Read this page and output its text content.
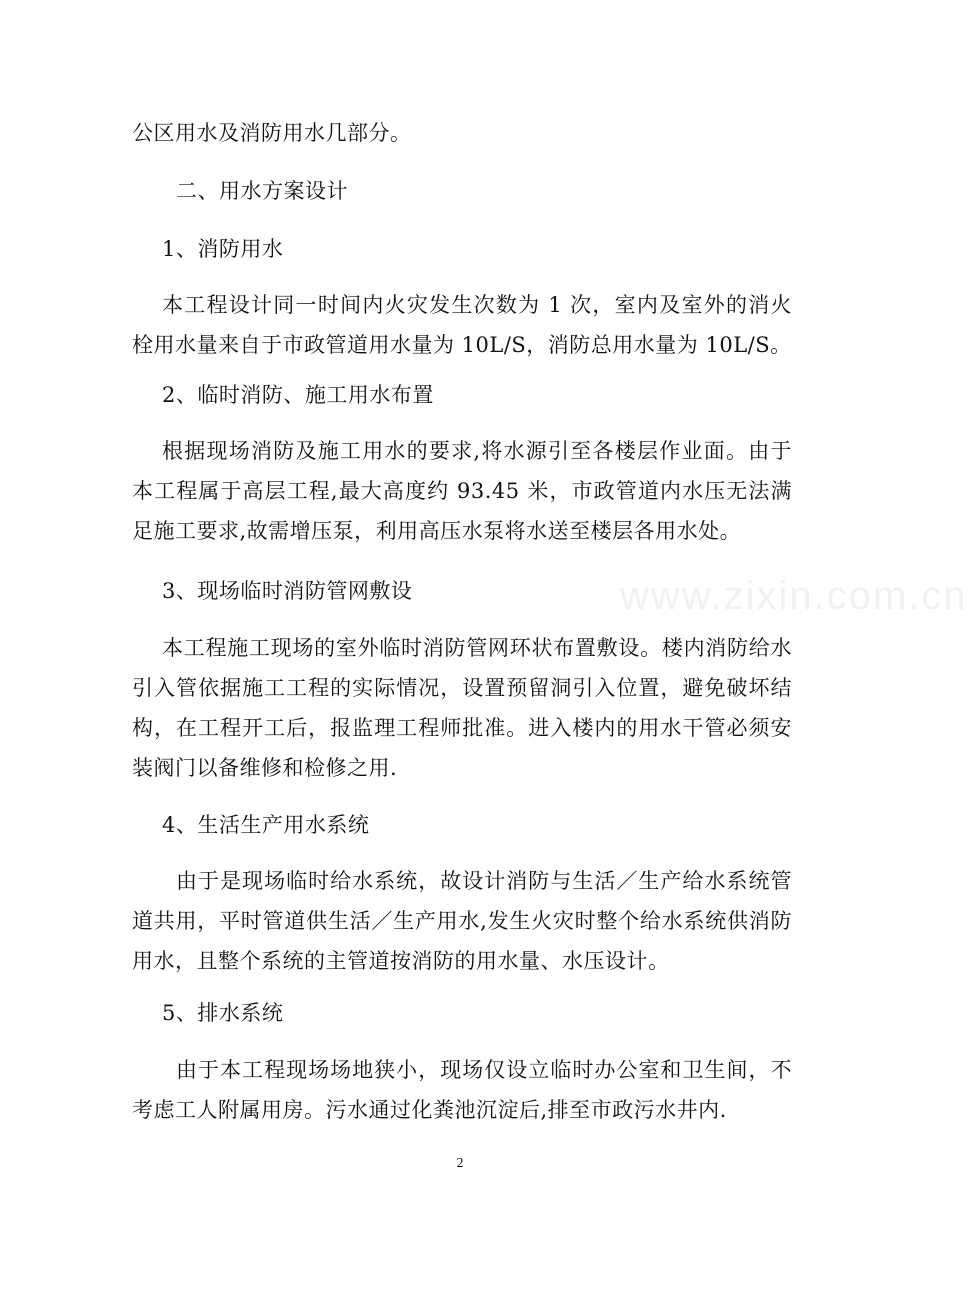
公区用水及消防用水几部分。
二、用水方案设计
1、消防用水
本工程设计同一时间内火灾发生次数为 1 次，室内及室外的消火栓用水量来自于市政管道用水量为 10L/S，消防总用水量为 10L/S。
2、临时消防、施工用水布置
根据现场消防及施工用水的要求,将水源引至各楼层作业面。由于本工程属于高层工程,最大高度约 93.45 米，市政管道内水压无法满足施工要求,故需增压泵，利用高压水泵将水送至楼层各用水处。
3、现场临时消防管网敷设
本工程施工现场的室外临时消防管网环状布置敷设。楼内消防给水引入管依据施工工程的实际情况，设置预留洞引入位置，避免破坏结构，在工程开工后，报监理工程师批准。进入楼内的用水干管必须安装阀门以备维修和检修之用.
4、生活生产用水系统
由于是现场临时给水系统，故设计消防与生活／生产给水系统管道共用，平时管道供生活／生产用水,发生火灾时整个给水系统供消防用水，且整个系统的主管道按消防的用水量、水压设计。
5、排水系统
由于本工程现场场地狭小，现场仅设立临时办公室和卫生间，不考虑工人附属用房。污水通过化粪池沉淀后,排至市政污水井内.
2
www.zixin.com.cn
